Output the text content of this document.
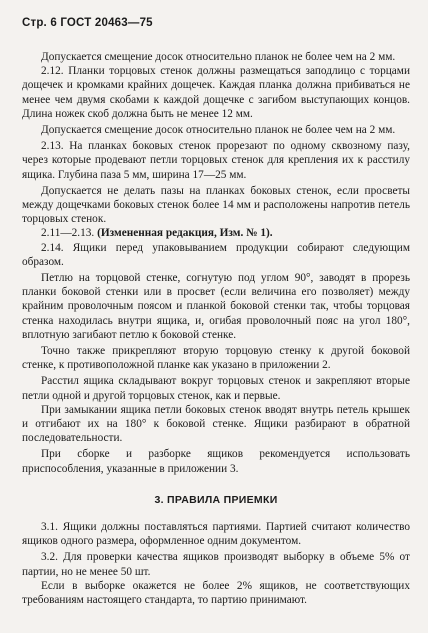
Стр. 6 ГОСТ 20463—75

Допускается смещение досок относительно планок не более чем на 2 мм.

2.12. Планки торцовых стенок должны размещаться заподлицо с торцами дощечек и кромками крайних дощечек. Каждая планка должна прибиваться не менее чем двумя скобами к каждой дощечке с загибом выступающих концов. Длина ножек скоб должна быть не менее 12 мм.

Допускается смещение досок относительно планок не более чем на 2 мм.

2.13. На планках боковых стенок прорезают по одному сквозному пазу, через которые продевают петли торцовых стенок для крепления их к расстилу ящика. Глубина паза 5 мм, ширина 17—25 мм.

Допускается не делать пазы на планках боковых стенок, если просветы между дощечками боковых стенок более 14 мм и расположены напротив петель торцовых стенок.

2.11—2.13. (Измененная редакция, Изм. № 1).

2.14. Ящики перед упаковыванием продукции собирают следующим образом.

Петлю на торцовой стенке, согнутую под углом 90°, заводят в прорезь планки боковой стенки или в просвет (если величина его позволяет) между крайним проволочным поясом и планкой боковой стенки так, чтобы торцовая стенка находилась внутри ящика, и, огибая проволочный пояс на угол 180°, вплотную загибают петлю к боковой стенке.

Точно также прикрепляют вторую торцовую стенку к другой боковой стенке, к противоположной планке как указано в приложении 2.

Расстил ящика складывают вокруг торцовых стенок и закрепляют вторые петли одной и другой торцовых стенок, как и первые.

При замыкании ящика петли боковых стенок вводят внутрь петель крышек и отгибают их на 180° к боковой стенке. Ящики разбирают в обратной последовательности.

При сборке и разборке ящиков рекомендуется использовать приспособления, указанные в приложении 3.

3. ПРАВИЛА ПРИЕМКИ

3.1. Ящики должны поставляться партиями. Партией считают количество ящиков одного размера, оформленное одним документом.

3.2. Для проверки качества ящиков производят выборку в объеме 5% от партии, но не менее 50 шт.

Если в выборке окажется не более 2% ящиков, не соответствующих требованиям настоящего стандарта, то партию принимают.
